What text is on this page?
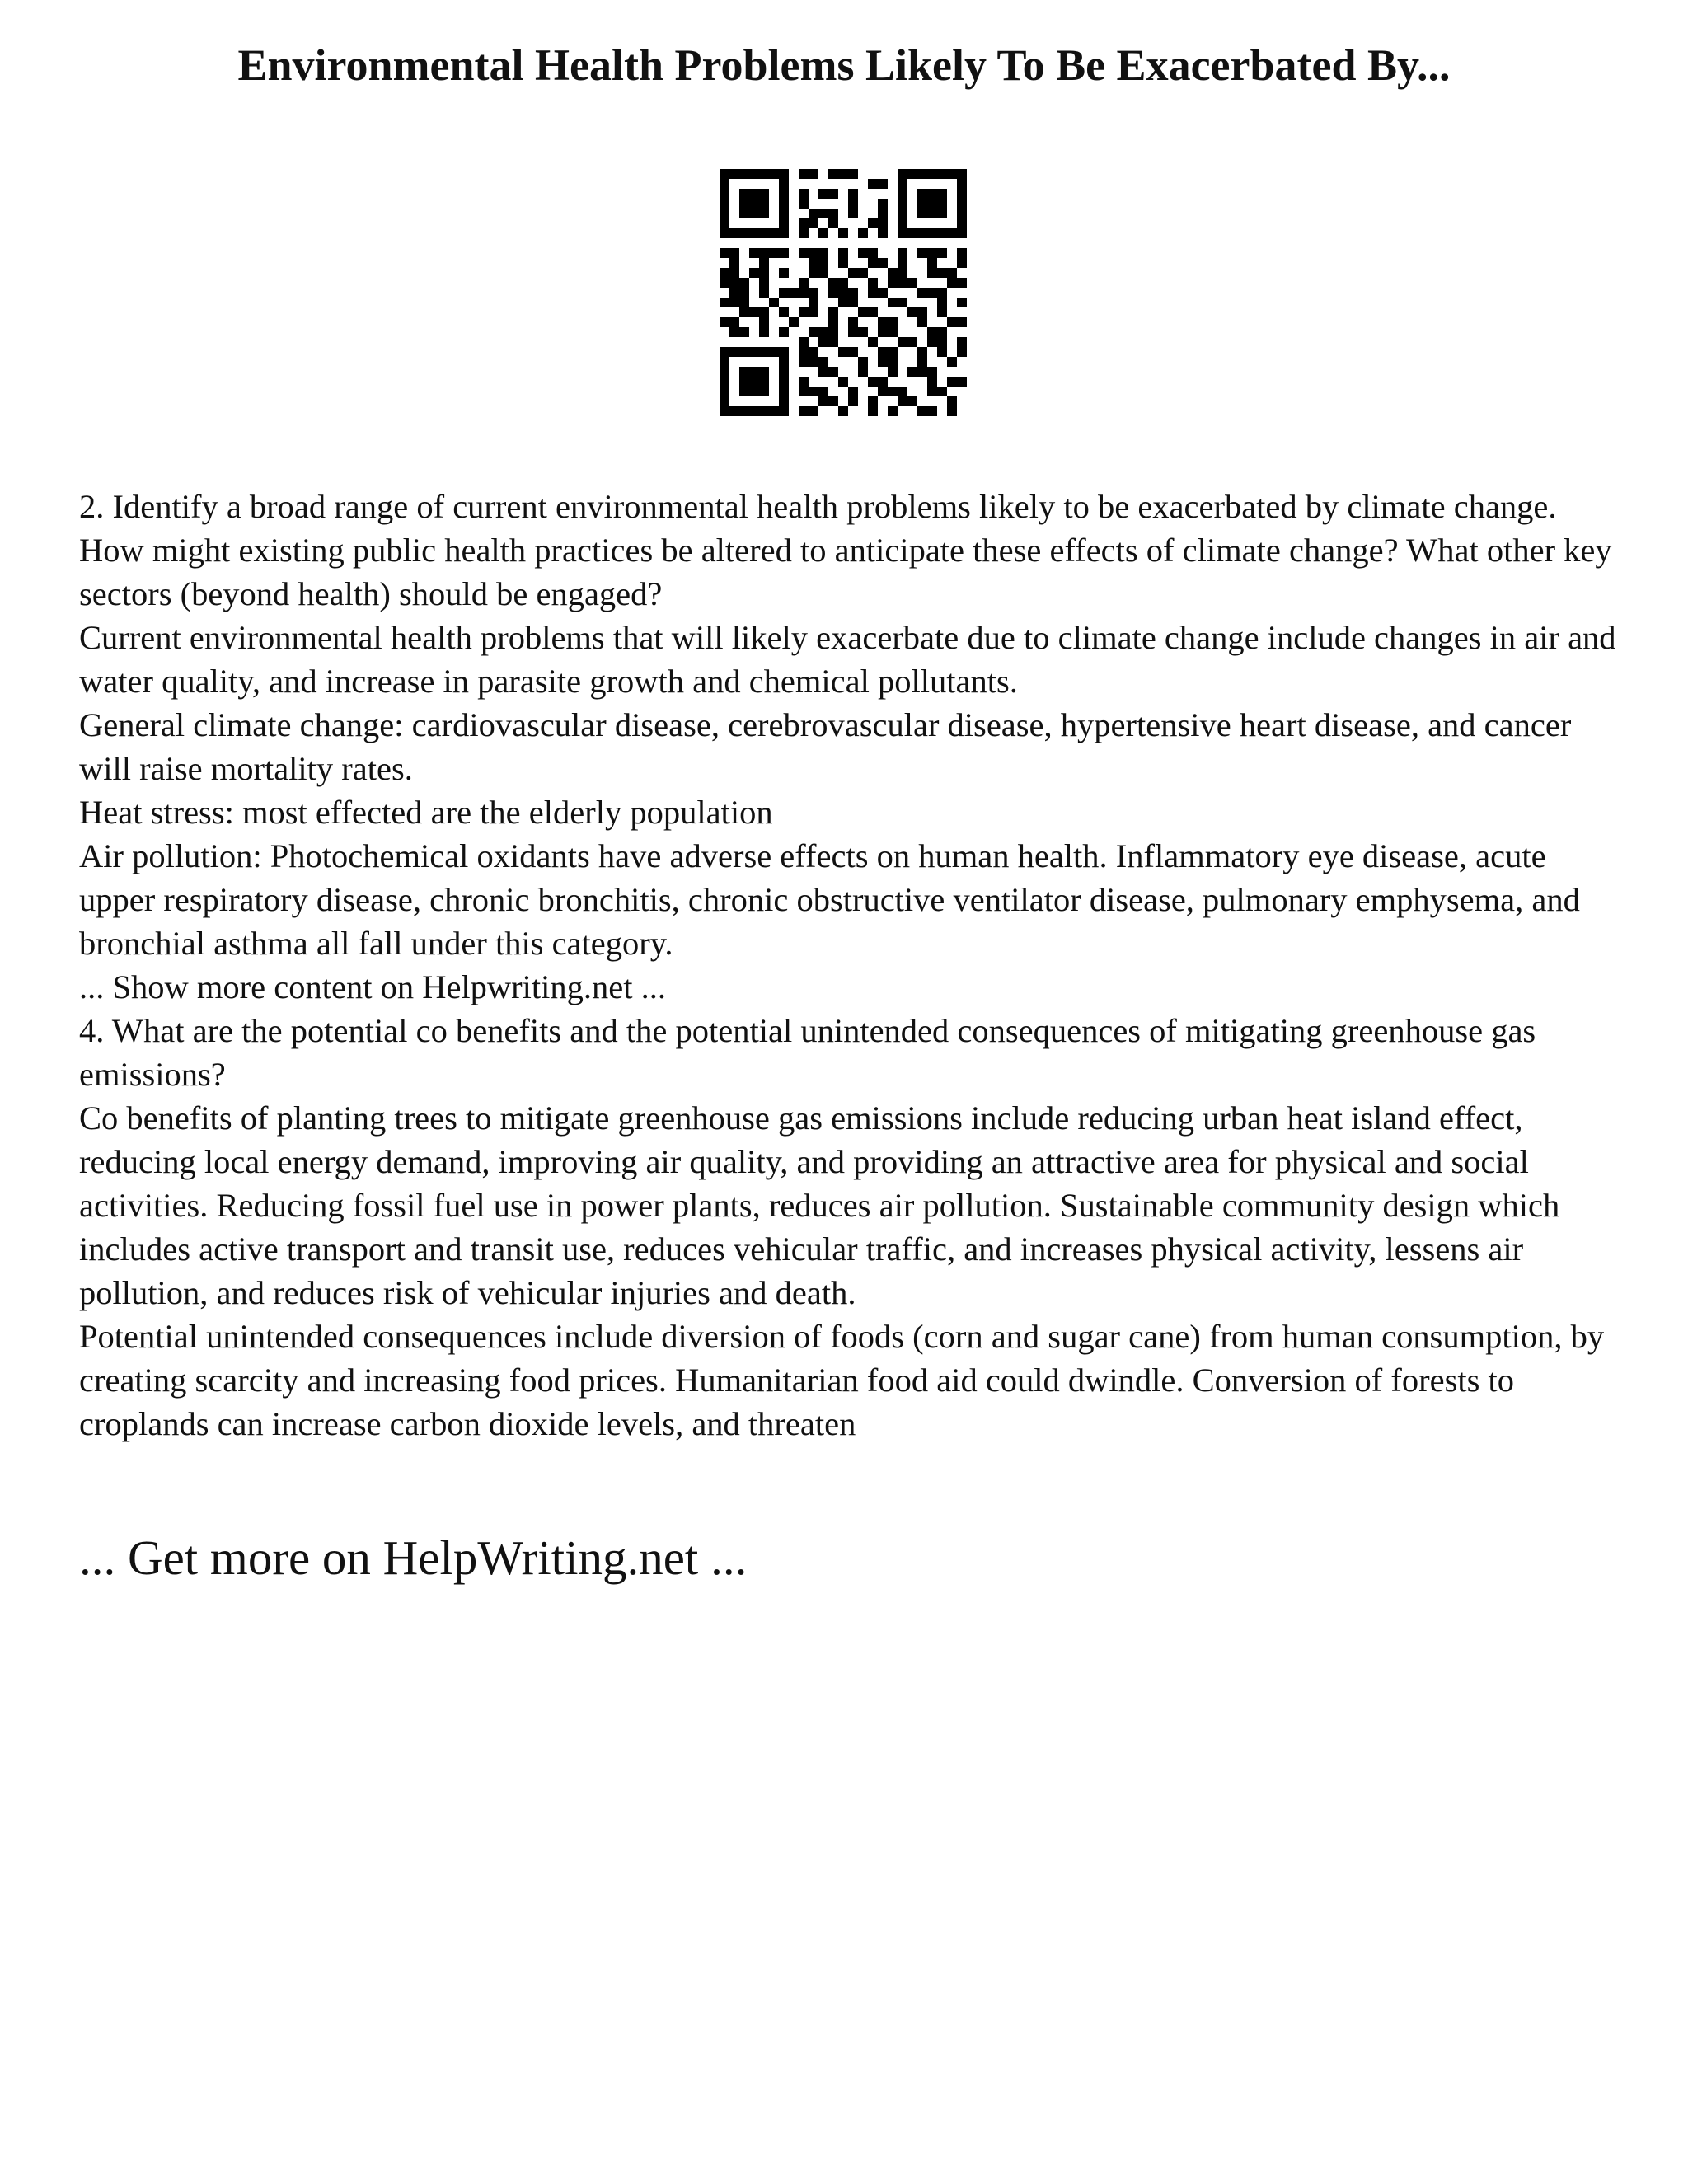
Environmental Health Problems Likely To Be Exacerbated By...

2. Identify a broad range of current environmental health problems likely to be exacerbated by climate change. How might existing public health practices be altered to anticipate these effects of climate change? What other key sectors (beyond health) should be engaged?

Current environmental health problems that will likely exacerbate due to climate change include changes in air and water quality, and increase in parasite growth and chemical pollutants.

General climate change: cardiovascular disease, cerebrovascular disease, hypertensive heart disease, and cancer will raise mortality rates.

Heat stress: most effected are the elderly population

Air pollution: Photochemical oxidants have adverse effects on human health. Inflammatory eye disease, acute upper respiratory disease, chronic bronchitis, chronic obstructive ventilator disease, pulmonary emphysema, and bronchial asthma all fall under this category.

... Show more content on Helpwriting.net ...

4. What are the potential co benefits and the potential unintended consequences of mitigating greenhouse gas emissions?

Co benefits of planting trees to mitigate greenhouse gas emissions include reducing urban heat island effect, reducing local energy demand, improving air quality, and providing an attractive area for physical and social activities. Reducing fossil fuel use in power plants, reduces air pollution. Sustainable community design which includes active transport and transit use, reduces vehicular traffic, and increases physical activity, lessens air pollution, and reduces risk of vehicular injuries and death.

Potential unintended consequences include diversion of foods (corn and sugar cane) from human consumption, by creating scarcity and increasing food prices. Humanitarian food aid could dwindle. Conversion of forests to croplands can increase carbon dioxide levels, and threaten

... Get more on HelpWriting.net ...
